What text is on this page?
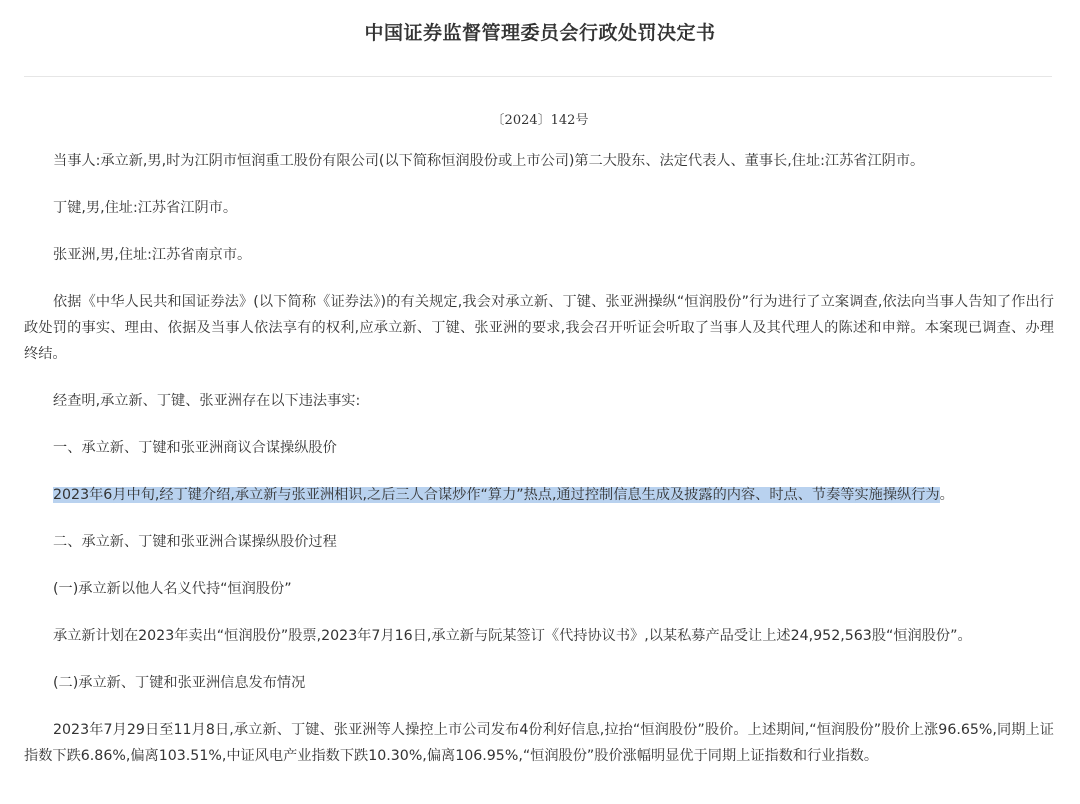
中国证券监督管理委员会行政处罚决定书
〔2024〕142号

当事人:承立新,男,时为江阴市恒润重工股份有限公司(以下简称恒润股份或上市公司)第二大股东、法定代表人、董事长,住址:江苏省江阴市。

丁键,男,住址:江苏省江阴市。

张亚洲,男,住址:江苏省南京市。

依据《中华人民共和国证券法》(以下简称《证券法》)的有关规定,我会对承立新、丁键、张亚洲操纵“恒润股份”行为进行了立案调查,依法向当事人告知了作出行政处罚的事实、理由、依据及当事人依法享有的权利,应承立新、丁键、张亚洲的要求,我会召开听证会听取了当事人及其代理人的陈述和申辩。本案现已调查、办理终结。

经查明,承立新、丁键、张亚洲存在以下违法事实:

一、承立新、丁键和张亚洲商议合谋操纵股价

2023年6月中旬,经丁键介绍,承立新与张亚洲相识,之后三人合谋炒作“算力”热点,通过控制信息生成及披露的内容、时点、节奏等实施操纵行为。

二、承立新、丁键和张亚洲合谋操纵股价过程

(一)承立新以他人名义代持“恒润股份”

承立新计划在2023年卖出“恒润股份”股票,2023年7月16日,承立新与阮某签订《代持协议书》,以某私募产品受让上述24,952,563股“恒润股份”。

(二)承立新、丁键和张亚洲信息发布情况

2023年7月29日至11月8日,承立新、丁键、张亚洲等人操控上市公司发布4份利好信息,拉抬“恒润股份”股价。上述期间,“恒润股份”股价上涨96.65%,同期上证指数下跌6.86%,偏离103.51%,中证风电产业指数下跌10.30%,偏离106.95%,“恒润股份”股价涨幅明显优于同期上证指数和行业指数。
